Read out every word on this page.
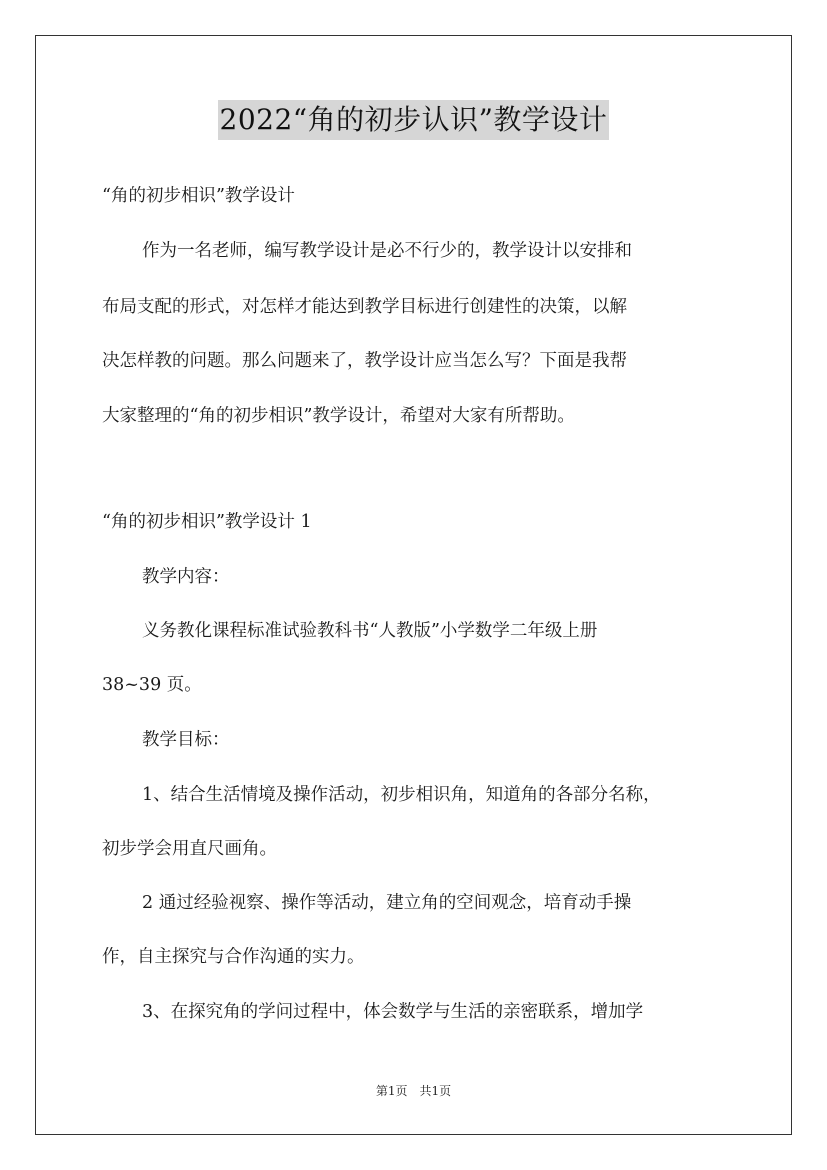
2022“角的初步认识”教学设计
“角的初步相识”教学设计
作为一名老师，编写教学设计是必不行少的，教学设计以安排和
布局支配的形式，对怎样才能达到教学目标进行创建性的决策，以解
决怎样教的问题。那么问题来了，教学设计应当怎么写？下面是我帮
大家整理的“角的初步相识”教学设计，希望对大家有所帮助。
“角的初步相识”教学设计 1
教学内容：
义务教化课程标准试验教科书“人教版”小学数学二年级上册
38~39 页。
教学目标：
1、结合生活情境及操作活动，初步相识角，知道角的各部分名称，
初步学会用直尺画角。
2 通过经验视察、操作等活动，建立角的空间观念，培育动手操
作，自主探究与合作沟通的实力。
3、在探究角的学问过程中，体会数学与生活的亲密联系，增加学
第1页　共1页
